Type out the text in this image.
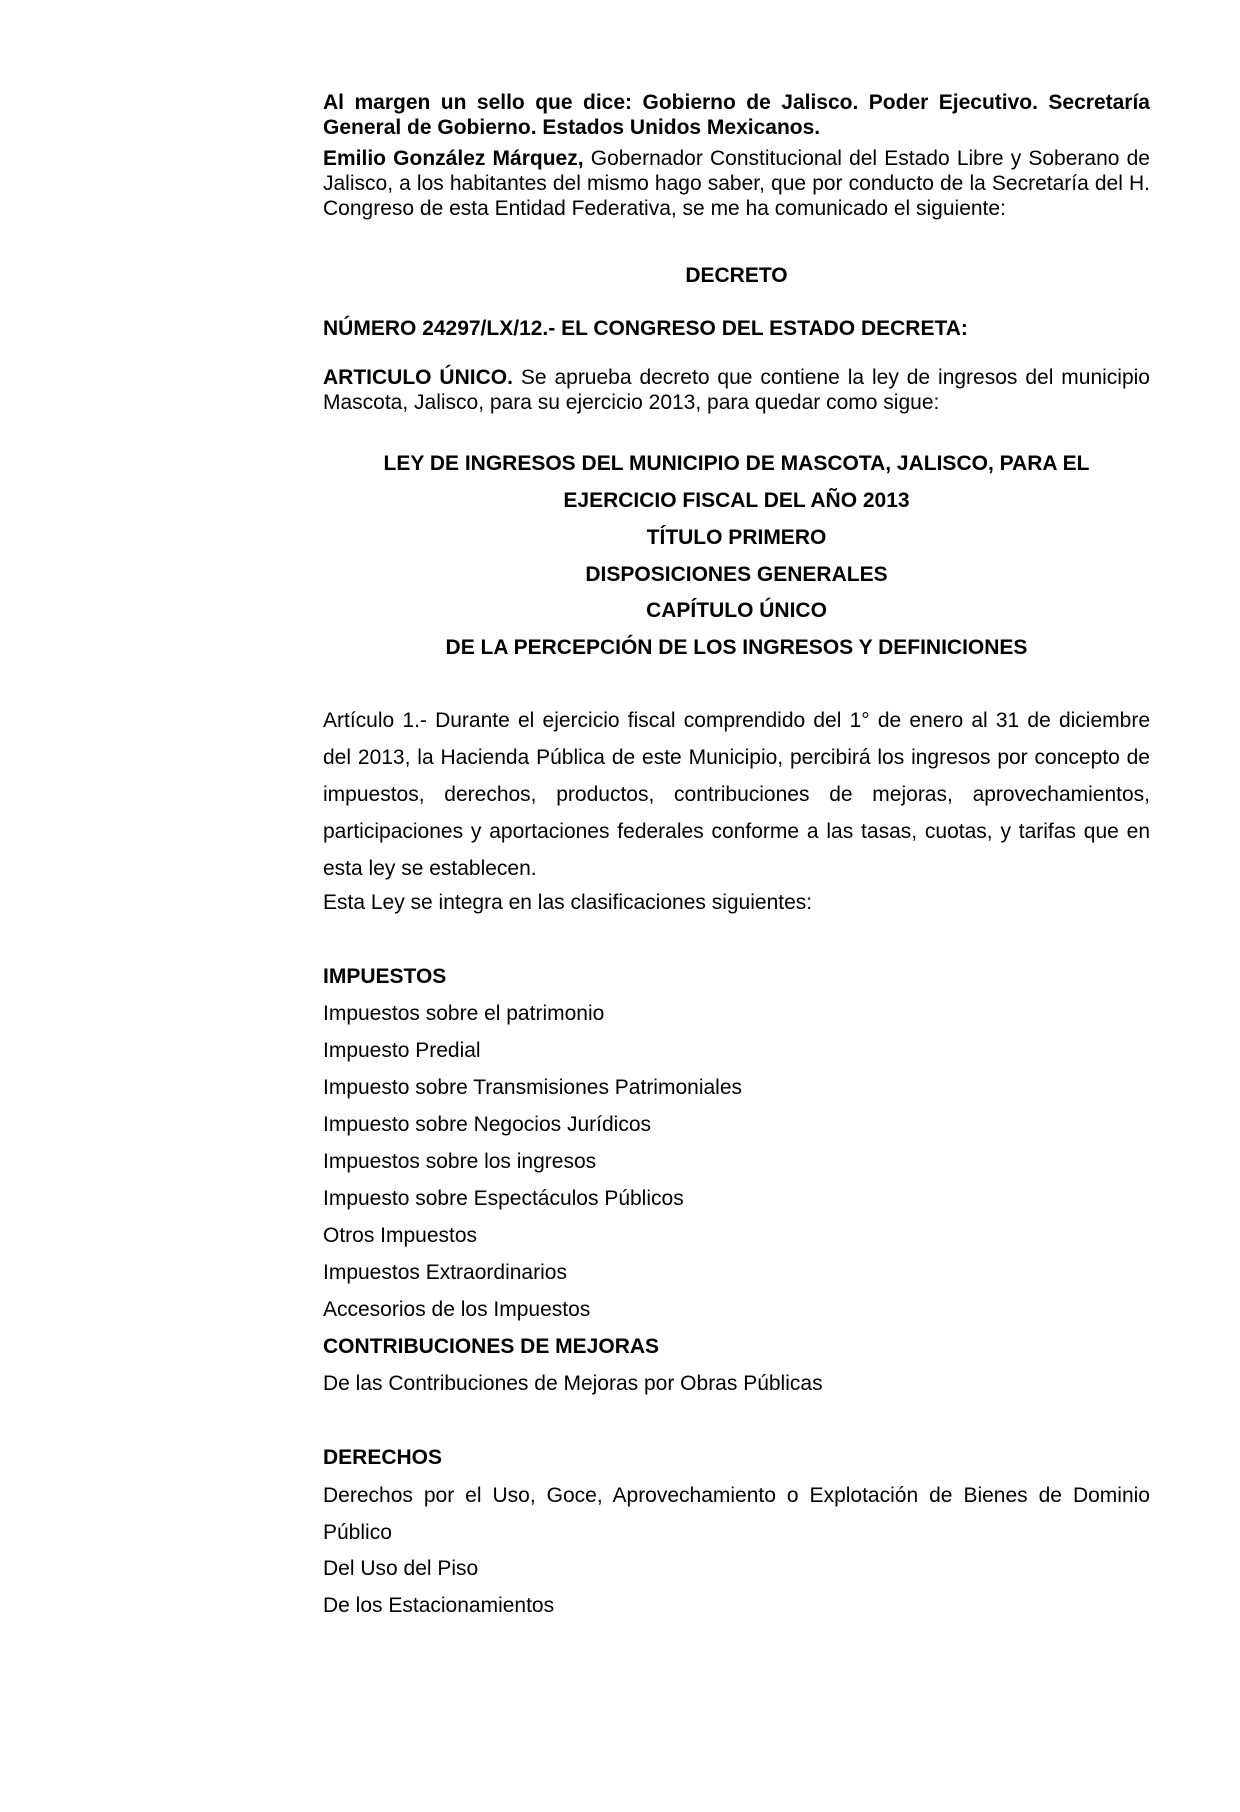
Al margen un sello que dice: Gobierno de Jalisco. Poder Ejecutivo. Secretaría General de Gobierno. Estados Unidos Mexicanos.

Emilio González Márquez, Gobernador Constitucional del Estado Libre y Soberano de Jalisco, a los habitantes del mismo hago saber, que por conducto de la Secretaría del H. Congreso de esta Entidad Federativa, se me ha comunicado el siguiente:

DECRETO

NÚMERO 24297/LX/12.- EL CONGRESO DEL ESTADO DECRETA:

ARTICULO ÚNICO. Se aprueba decreto que contiene la ley de ingresos del municipio Mascota, Jalisco, para su ejercicio 2013, para quedar como sigue:

LEY DE INGRESOS DEL MUNICIPIO DE MASCOTA, JALISCO, PARA EL

EJERCICIO FISCAL DEL AÑO 2013

TÍTULO PRIMERO

DISPOSICIONES GENERALES

CAPÍTULO ÚNICO

DE LA PERCEPCIÓN DE LOS INGRESOS Y DEFINICIONES

Artículo 1.- Durante el ejercicio fiscal comprendido del 1° de enero al 31 de diciembre del 2013, la Hacienda Pública de este Municipio, percibirá los ingresos por concepto de impuestos, derechos, productos, contribuciones de mejoras, aprovechamientos, participaciones y aportaciones federales conforme a las tasas, cuotas, y tarifas que en esta ley se establecen.

Esta Ley se integra en las clasificaciones siguientes:

IMPUESTOS

Impuestos sobre el patrimonio

Impuesto Predial

Impuesto sobre Transmisiones Patrimoniales

Impuesto sobre Negocios Jurídicos

Impuestos sobre los ingresos

Impuesto sobre Espectáculos Públicos

Otros Impuestos

Impuestos Extraordinarios

Accesorios de los Impuestos

CONTRIBUCIONES DE MEJORAS

De las Contribuciones de Mejoras por Obras Públicas

DERECHOS

Derechos por el Uso, Goce, Aprovechamiento o Explotación de Bienes de Dominio Público

Del Uso del Piso

De los Estacionamientos
